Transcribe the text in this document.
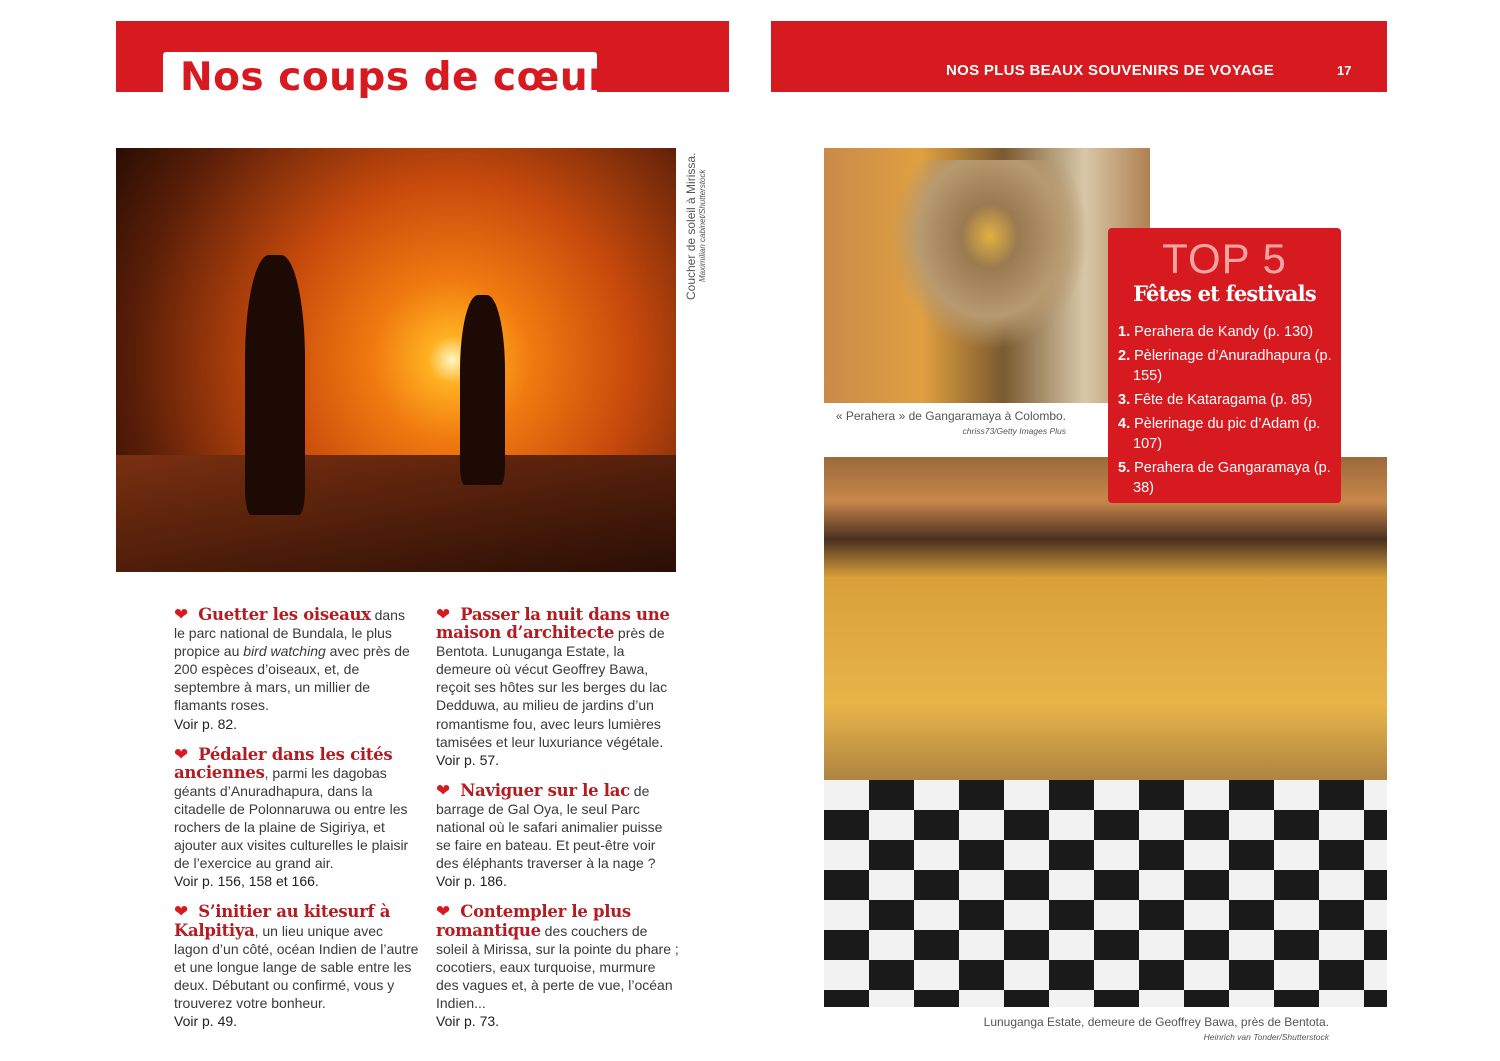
Nos coups de cœur	NOS PLUS BEAUX SOUVENIRS DE VOYAGE	17
Coucher de soleil à Mirissa. Maximilian cabinet/Shutterstock
❤ Guetter les oiseaux dans le parc national de Bundala, le plus propice au bird watching avec près de 200 espèces d’oiseaux, et, de septembre à mars, un millier de flamants roses.
Voir p. 82.
❤ Pédaler dans les cités anciennes, parmi les dagobas géants d’Anuradhapura, dans la citadelle de Polonnaruwa ou entre les rochers de la plaine de Sigiriya, et ajouter aux visites culturelles le plaisir de l’exercice au grand air.
Voir p. 156, 158 et 166.
❤ S’initier au kitesurf à Kalpitiya, un lieu unique avec lagon d’un côté, océan Indien de l’autre et une longue lange de sable entre les deux. Débutant ou confirmé, vous y trouverez votre bonheur.
Voir p. 49.
❤ Passer la nuit dans une maison d’architecte près de Bentota. Lunuganga Estate, la demeure où vécut Geoffrey Bawa, reçoit ses hôtes sur les berges du lac Dedduwa, au milieu de jardins d’un romantisme fou, avec leurs lumières tamisées et leur luxuriance végétale.
Voir p. 57.
❤ Naviguer sur le lac de barrage de Gal Oya, le seul Parc national où le safari animalier puisse se faire en bateau. Et peut-être voir des éléphants traverser à la nage ?
Voir p. 186.
❤ Contempler le plus romantique des couchers de soleil à Mirissa, sur la pointe du phare ; cocotiers, eaux turquoise, murmure des vagues et, à perte de vue, l’océan Indien...
Voir p. 73.
« Perahera » de Gangaramaya à Colombo.
chriss73/Getty Images Plus
Lunuganga Estate, demeure de Geoffrey Bawa, près de Bentota.
Heinrich van Tonder/Shutterstock
TOP 5
Fêtes et festivals
1. Perahera de Kandy (p. 130)
2. Pèlerinage d’Anuradhapura (p. 155)
3. Fête de Kataragama (p. 85)
4. Pèlerinage du pic d’Adam (p. 107)
5. Perahera de Gangaramaya (p. 38)
